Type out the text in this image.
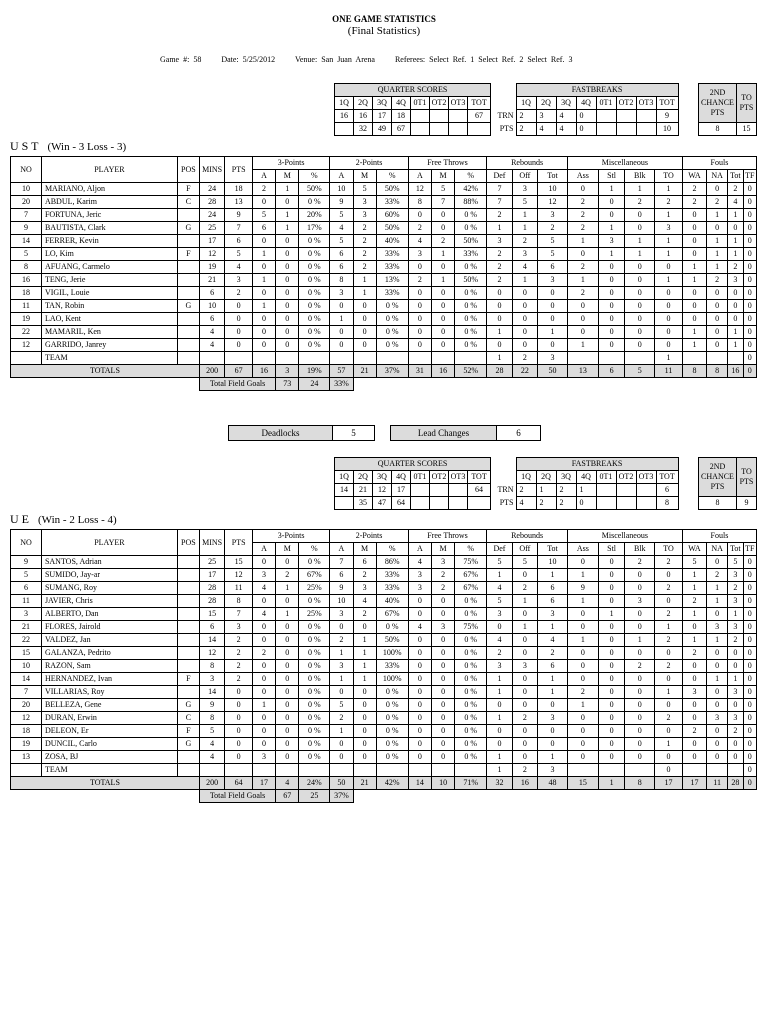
ONE GAME STATISTICS
(Final Statistics)
Game #: 58	Date: 5/25/2012 Venue: San Juan Arena	Referees: Select Ref. 1 Select Ref. 2 Select Ref. 3
QUARTER SCORES
1Q	2Q	3Q	4Q	0T1	OT2	OT3	TOT
16	16	17	18				67
	32	49	67				
	FASTBREAKS
	1Q	2Q	3Q	4Q	0T1	OT2	OT3	TOT
TRN	2	3	4	0				9
PTS	2	4	4	0				10
2ND CHANCE PTS	TO PTS

8	15
U S T (Win - 3 Loss - 3)
NO	PLAYER	POS	MINS	PTS	3-Points	2-Points	Free Throws	Rebounds	Miscellaneous	Fouls
A	M	%	A	M	%	A	M	%	Def	Off	Tot	Ass	Stl	Blk	TO	WA	NA	Tot	TF
10	MARIANO, Aljon	F	24	18	2	1	50%	10	5	50%	12	5	42%	7	3	10	0	1	1	1	2	0	2	0
20	ABDUL, Karim	C	28	13	0	0	0 %	9	3	33%	8	7	88%	7	5	12	2	0	2	2	2	2	4	0
7	FORTUNA, Jeric		24	9	5	1	20%	5	3	60%	0	0	0 %	2	1	3	2	0	0	1	0	1	1	0
9	BAUTISTA, Clark	G	25	7	6	1	17%	4	2	50%	2	0	0 %	1	1	2	2	1	0	3	0	0	0	0
14	FERRER, Kevin		17	6	0	0	0 %	5	2	40%	4	2	50%	3	2	5	1	3	1	1	0	1	1	0
5	LO, Kim	F	12	5	1	0	0 %	6	2	33%	3	1	33%	2	3	5	0	1	1	1	0	1	1	0
8	AFUANG, Carmelo		19	4	0	0	0 %	6	2	33%	0	0	0 %	2	4	6	2	0	0	0	1	1	2	0
16	TENG, Jerie		21	3	1	0	0 %	8	1	13%	2	1	50%	2	1	3	1	0	0	1	1	2	3	0
18	VIGIL, Louie		6	2	0	0	0 %	3	1	33%	0	0	0 %	0	0	0	2	0	0	0	0	0	0	0
11	TAN, Robin	G	10	0	1	0	0 %	0	0	0 %	0	0	0 %	0	0	0	0	0	0	0	0	0	0	0
19	LAO, Kent		6	0	0	0	0 %	1	0	0 %	0	0	0 %	0	0	0	0	0	0	0	0	0	0	0
22	MAMARIL, Ken		4	0	0	0	0 %	0	0	0 %	0	0	0 %	1	0	1	0	0	0	0	1	0	1	0
12	GARRIDO, Janrey		4	0	0	0	0 %	0	0	0 %	0	0	0 %	0	0	0	1	0	0	0	1	0	1	0
	TEAM													1	2	3				1				0
TOTALS	200	67	16	3	19%	57	21	37%	31	16	52%	28	22	50	13	6	5	11	8	8	16	0
	Total Field Goals	73	24	33%
Deadlocks	5	Lead Changes	6
QUARTER SCORES
1Q	2Q	3Q	4Q	0T1	OT2	OT3	TOT
14	21	12	17				64
	35	47	64				
	FASTBREAKS
	1Q	2Q	3Q	4Q	0T1	OT2	OT3	TOT
TRN	2	1	2	1				6
PTS	4	2	2	0				8
2ND CHANCE PTS	TO PTS

8	9
U E (Win - 2 Loss - 4)
NO	PLAYER	POS	MINS	PTS	3-Points	2-Points	Free Throws	Rebounds	Miscellaneous	Fouls
A	M	%	A	M	%	A	M	%	Def	Off	Tot	Ass	Stl	Blk	TO	WA	NA	Tot	TF
9	SANTOS, Adrian		25	15	0	0	0 %	7	6	86%	4	3	75%	5	5	10	0	0	2	2	5	0	5	0
5	SUMIDO, Jay-ar		17	12	3	2	67%	6	2	33%	3	2	67%	1	0	1	1	0	0	0	1	2	3	0
6	SUMANG, Roy		28	11	4	1	25%	9	3	33%	3	2	67%	4	2	6	9	0	0	2	1	1	2	0
11	JAVIER, Chris		28	8	0	0	0 %	10	4	40%	0	0	0 %	5	1	6	1	0	3	0	2	1	3	0
3	ALBERTO, Dan		15	7	4	1	25%	3	2	67%	0	0	0 %	3	0	3	0	1	0	2	1	0	1	0
21	FLORES, Jairold		6	3	0	0	0 %	0	0	0 %	4	3	75%	0	1	1	0	0	0	1	0	3	3	0
22	VALDEZ, Jan		14	2	0	0	0 %	2	1	50%	0	0	0 %	4	0	4	1	0	1	2	1	1	2	0
15	GALANZA, Pedrito		12	2	2	0	0 %	1	1	100%	0	0	0 %	2	0	2	0	0	0	0	2	0	0	0
10	RAZON, Sam		8	2	0	0	0 %	3	1	33%	0	0	0 %	3	3	6	0	0	2	2	0	0	0	0
14	HERNANDEZ, Ivan	F	3	2	0	0	0 %	1	1	100%	0	0	0 %	1	0	1	0	0	0	0	0	1	1	0
7	VILLARIAS, Roy		14	0	0	0	0 %	0	0	0 %	0	0	0 %	1	0	1	2	0	0	1	3	0	3	0
20	BELLEZA, Gene	G	9	0	1	0	0 %	5	0	0 %	0	0	0 %	0	0	0	1	0	0	0	0	0	0	0
12	DURAN, Erwin	C	8	0	0	0	0 %	2	0	0 %	0	0	0 %	1	2	3	0	0	0	2	0	3	3	0
18	DELEON, Er	F	5	0	0	0	0 %	1	0	0 %	0	0	0 %	0	0	0	0	0	0	0	2	0	2	0
19	DUNCIL, Carlo	G	4	0	0	0	0 %	0	0	0 %	0	0	0 %	0	0	0	0	0	0	1	0	0	0	0
13	ZOSA, BJ		4	0	3	0	0 %	0	0	0 %	0	0	0 %	1	0	1	0	0	0	0	0	0	0	0
	TEAM													1	2	3				0				0
TOTALS	200	64	17	4	24%	50	21	42%	14	10	71%	32	16	48	15	1	8	17	17	11	28	0
	Total Field Goals	67	25	37%
